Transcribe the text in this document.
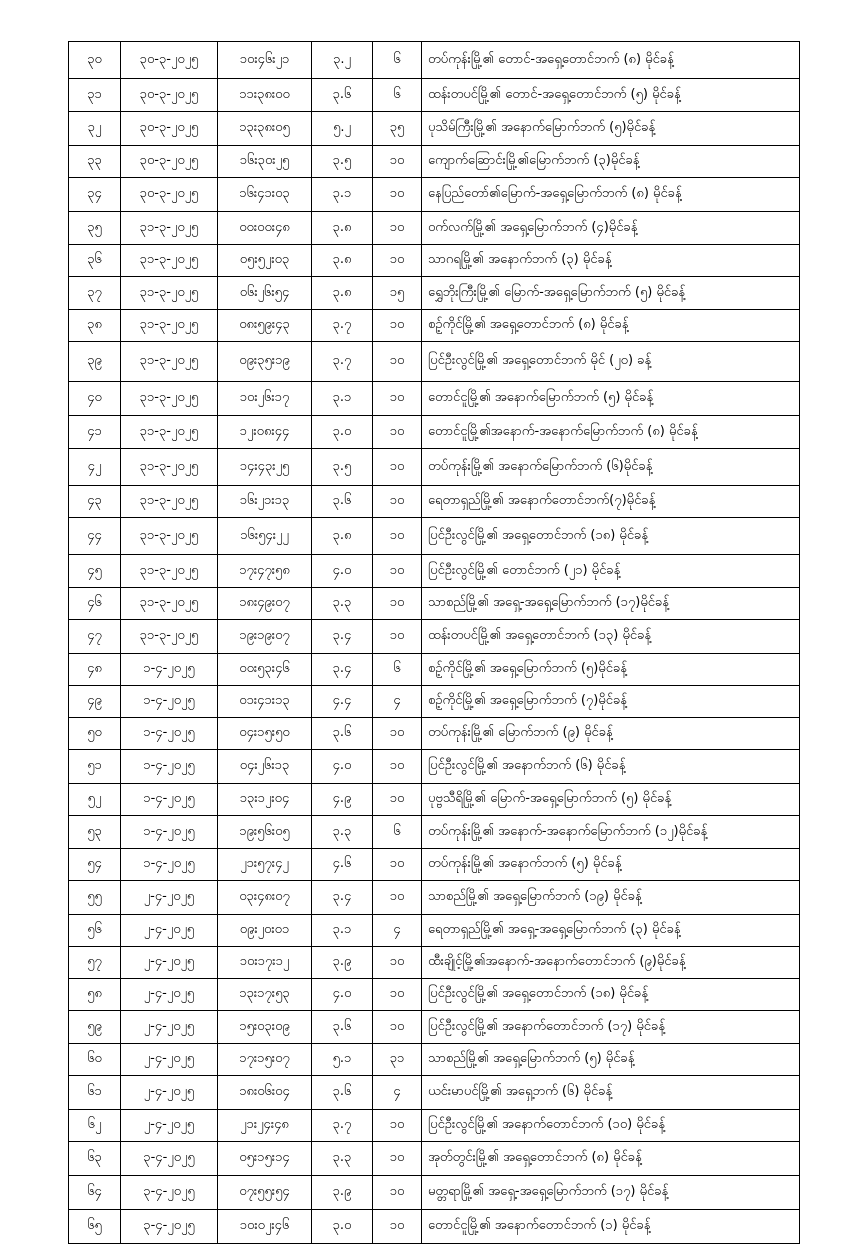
၃၀	၃၀-၃-၂၀၂၅	၁၀း၄၆း၂၁	၃.၂	၆	တပ်ကုန်းမြို့၏ တောင်-အရှေ့တောင်ဘက် (၈) မိုင်ခန့်
၃၁	၃၀-၃-၂၀၂၅	၁၁း၃၈း၀၀	၃.၆	၆	ထန်းတပင်မြို့၏ တောင်-အရှေ့တောင်ဘက် (၅) မိုင်ခန့်
၃၂	၃၀-၃-၂၀၂၅	၁၃း၃၈း၀၅	၅.၂	၃၅	ပုသိမ်ကြီးမြို့၏ အနောက်မြောက်ဘက် (၅)မိုင်ခန့်
၃၃	၃၀-၃-၂၀၂၅	၁၆း၃၀း၂၅	၃.၅	၁၀	ကျောက်ဆြောင်းမြို့၏မြောက်ဘက် (၃)မိုင်ခန့်
၃၄	၃၀-၃-၂၀၂၅	၁၆း၄၁း၀၃	၃.၁	၁၀	နေပြည်တော်၏မြောက်-အရှေ့မြောက်ဘက် (၈) မိုင်ခန့်
၃၅	၃၁-၃-၂၀၂၅	၀၀း၀၀း၄၈	၃.၈	၁၀	ဝက်လက်မြို့၏ အရှေ့မြောက်ဘက် (၄)မိုင်ခန့်
၃၆	၃၁-၃-၂၀၂၅	၀၅း၅၂း၀၃	၃.၈	၁၀	သာဂရမြို့၏ အနောက်ဘက် (၃) မိုင်ခန့်
၃၇	၃၁-၃-၂၀၂၅	၀၆း၂၆း၅၄	၃.၈	၁၅	ရွှေဘိုးကြီးမြို့၏ မြောက်-အရှေ့မြောက်ဘက် (၅) မိုင်ခန့်
၃၈	၃၁-၃-၂၀၂၅	၀၈း၅၉း၄၃	၃.၇	၁၀	စဉ့်ကိုင်မြို့၏ အရှေ့တောင်ဘက် (၈) မိုင်ခန့်
၃၉	၃၁-၃-၂၀၂၅	၀၉း၃၅း၁၉	၃.၇	၁၀	ပြင်ဦးလွင်မြို့၏ အရှေ့တောင်ဘက် မိုင် (၂၀) ခန့်
၄၀	၃၁-၃-၂၀၂၅	၁၀း၂၆း၁၇	၃.၁	၁၀	တောင်ငူမြို့၏ အနောက်မြောက်ဘက် (၅) မိုင်ခန့်
၄၁	၃၁-၃-၂၀၂၅	၁၂း၀၈း၄၄	၃.၀	၁၀	တောင်ငူမြို့၏အနောက်-အနောက်မြောက်ဘက် (၈) မိုင်ခန့်
၄၂	၃၁-၃-၂၀၂၅	၁၄း၄၃း၂၅	၃.၅	၁၀	တပ်ကုန်းမြို့၏ အနောက်မြောက်ဘက် (၆)မိုင်ခန့်
၄၃	၃၁-၃-၂၀၂၅	၁၆း၂၁း၁၃	၃.၆	၁၀	ရေတာရှည်မြို့၏ အနောက်တောင်ဘက်(၇)မိုင်ခန့်
၄၄	၃၁-၃-၂၀၂၅	၁၆း၅၄း၂၂	၃.၈	၁၀	ပြင်ဦးလွင်မြို့၏ အရှေ့တောင်ဘက် (၁၈) မိုင်ခန့်
၄၅	၃၁-၃-၂၀၂၅	၁၇း၄၇း၅၈	၄.၀	၁၀	ပြင်ဦးလွင်မြို့၏ တောင်ဘက် (၂၁) မိုင်ခန့်
၄၆	၃၁-၃-၂၀၂၅	၁၈း၄၉း၀၇	၃.၃	၁၀	သာစည်မြို့၏ အရှေ့-အရှေ့မြောက်ဘက် (၁၇)မိုင်ခန့်
၄၇	၃၁-၃-၂၀၂၅	၁၉း၁၉း၀၇	၃.၄	၁၀	ထန်းတပင်မြို့၏ အရှေ့တောင်ဘက် (၁၃) မိုင်ခန့်
၄၈	၁-၄-၂၀၂၅	၀၀း၅၃း၄၆	၃.၄	၆	စဉ့်ကိုင်မြို့၏ အရှေ့မြောက်ဘက် (၅)မိုင်ခန့်
၄၉	၁-၄-၂၀၂၅	၀၁း၄၁း၁၃	၄.၄	၄	စဉ့်ကိုင်မြို့၏ အရှေ့မြောက်ဘက် (၇)မိုင်ခန့်
၅၀	၁-၄-၂၀၂၅	၀၄း၁၅း၅၀	၃.၆	၁၀	တပ်ကုန်းမြို့၏ မြောက်ဘက် (၉) မိုင်ခန့်
၅၁	၁-၄-၂၀၂၅	၀၄း၂၆း၁၃	၄.၀	၁၀	ပြင်ဦးလွင်မြို့၏ အနောက်ဘက် (၆) မိုင်ခန့်
၅၂	၁-၄-၂၀၂၅	၁၃း၁၂း၀၄	၄.၉	၁၀	ပုဗ္ဗသီရိမြို့၏ မြောက်-အရှေ့မြောက်ဘက် (၅) မိုင်ခန့်
၅၃	၁-၄-၂၀၂၅	၁၉း၅၆း၀၅	၃.၃	၆	တပ်ကုန်းမြို့၏ အနောက်-အနောက်မြောက်ဘက် (၁၂)မိုင်ခန့်
၅၄	၁-၄-၂၀၂၅	၂၁း၅၇း၄၂	၄.၆	၁၀	တပ်ကုန်းမြို့၏ အနောက်ဘက် (၅) မိုင်ခန့်
၅၅	၂-၄-၂၀၂၅	၀၃း၄၈း၀၇	၃.၄	၁၀	သာစည်မြို့၏ အရှေ့မြောက်ဘက် (၁၉) မိုင်ခန့်
၅၆	၂-၄-၂၀၂၅	၀၉း၂၀း၀၁	၃.၁	၄	ရေတာရှည်မြို့၏ အရှေ့-အရှေ့မြောက်ဘက် (၃) မိုင်ခန့်
၅၇	၂-၄-၂၀၂၅	၁၀း၁၇း၁၂	၃.၉	၁၀	ထီးချိုင့်မြို့၏အနောက်-အနောက်တောင်ဘက် (၉)မိုင်ခန့်
၅၈	၂-၄-၂၀၂၅	၁၃း၁၇း၅၃	၄.၀	၁၀	ပြင်ဦးလွင်မြို့၏ အရှေ့တောင်ဘက် (၁၈) မိုင်ခန့်
၅၉	၂-၄-၂၀၂၅	၁၅း၀၃း၀၉	၃.၆	၁၀	ပြင်ဦးလွင်မြို့၏ အနောက်တောင်ဘက် (၁၇) မိုင်ခန့်
၆၀	၂-၄-၂၀၂၅	၁၇း၁၅း၀၇	၅.၁	၃၁	သာစည်မြို့၏ အရှေ့မြောက်ဘက် (၅) မိုင်ခန့်
၆၁	၂-၄-၂၀၂၅	၁၈း၀၆း၀၄	၃.၆	၄	ယင်းမာပင်မြို့၏ အရှေ့ဘက် (၆) မိုင်ခန့်
၆၂	၂-၄-၂၀၂၅	၂၁း၂၄း၄၈	၃.၇	၁၀	ပြင်ဦးလွင်မြို့၏ အနောက်တောင်ဘက် (၁၀) မိုင်ခန့်
၆၃	၃-၄-၂၀၂၅	၀၅း၁၅း၁၄	၃.၃	၁၀	အုတ်တွင်းမြို့၏ အရှေ့တောင်ဘက် (၈) မိုင်ခန့်
၆၄	၃-၄-၂၀၂၅	၀၇း၅၅း၅၄	၃.၉	၁၀	မတ္တရာမြို့၏ အရှေ့-အရှေ့မြောက်ဘက် (၁၇) မိုင်ခန့်
၆၅	၃-၄-၂၀၂၅	၁၀း၀၂း၄၆	၃.၀	၁၀	တောင်ငူမြို့၏ အနောက်တောင်ဘက် (၁) မိုင်ခန့်
